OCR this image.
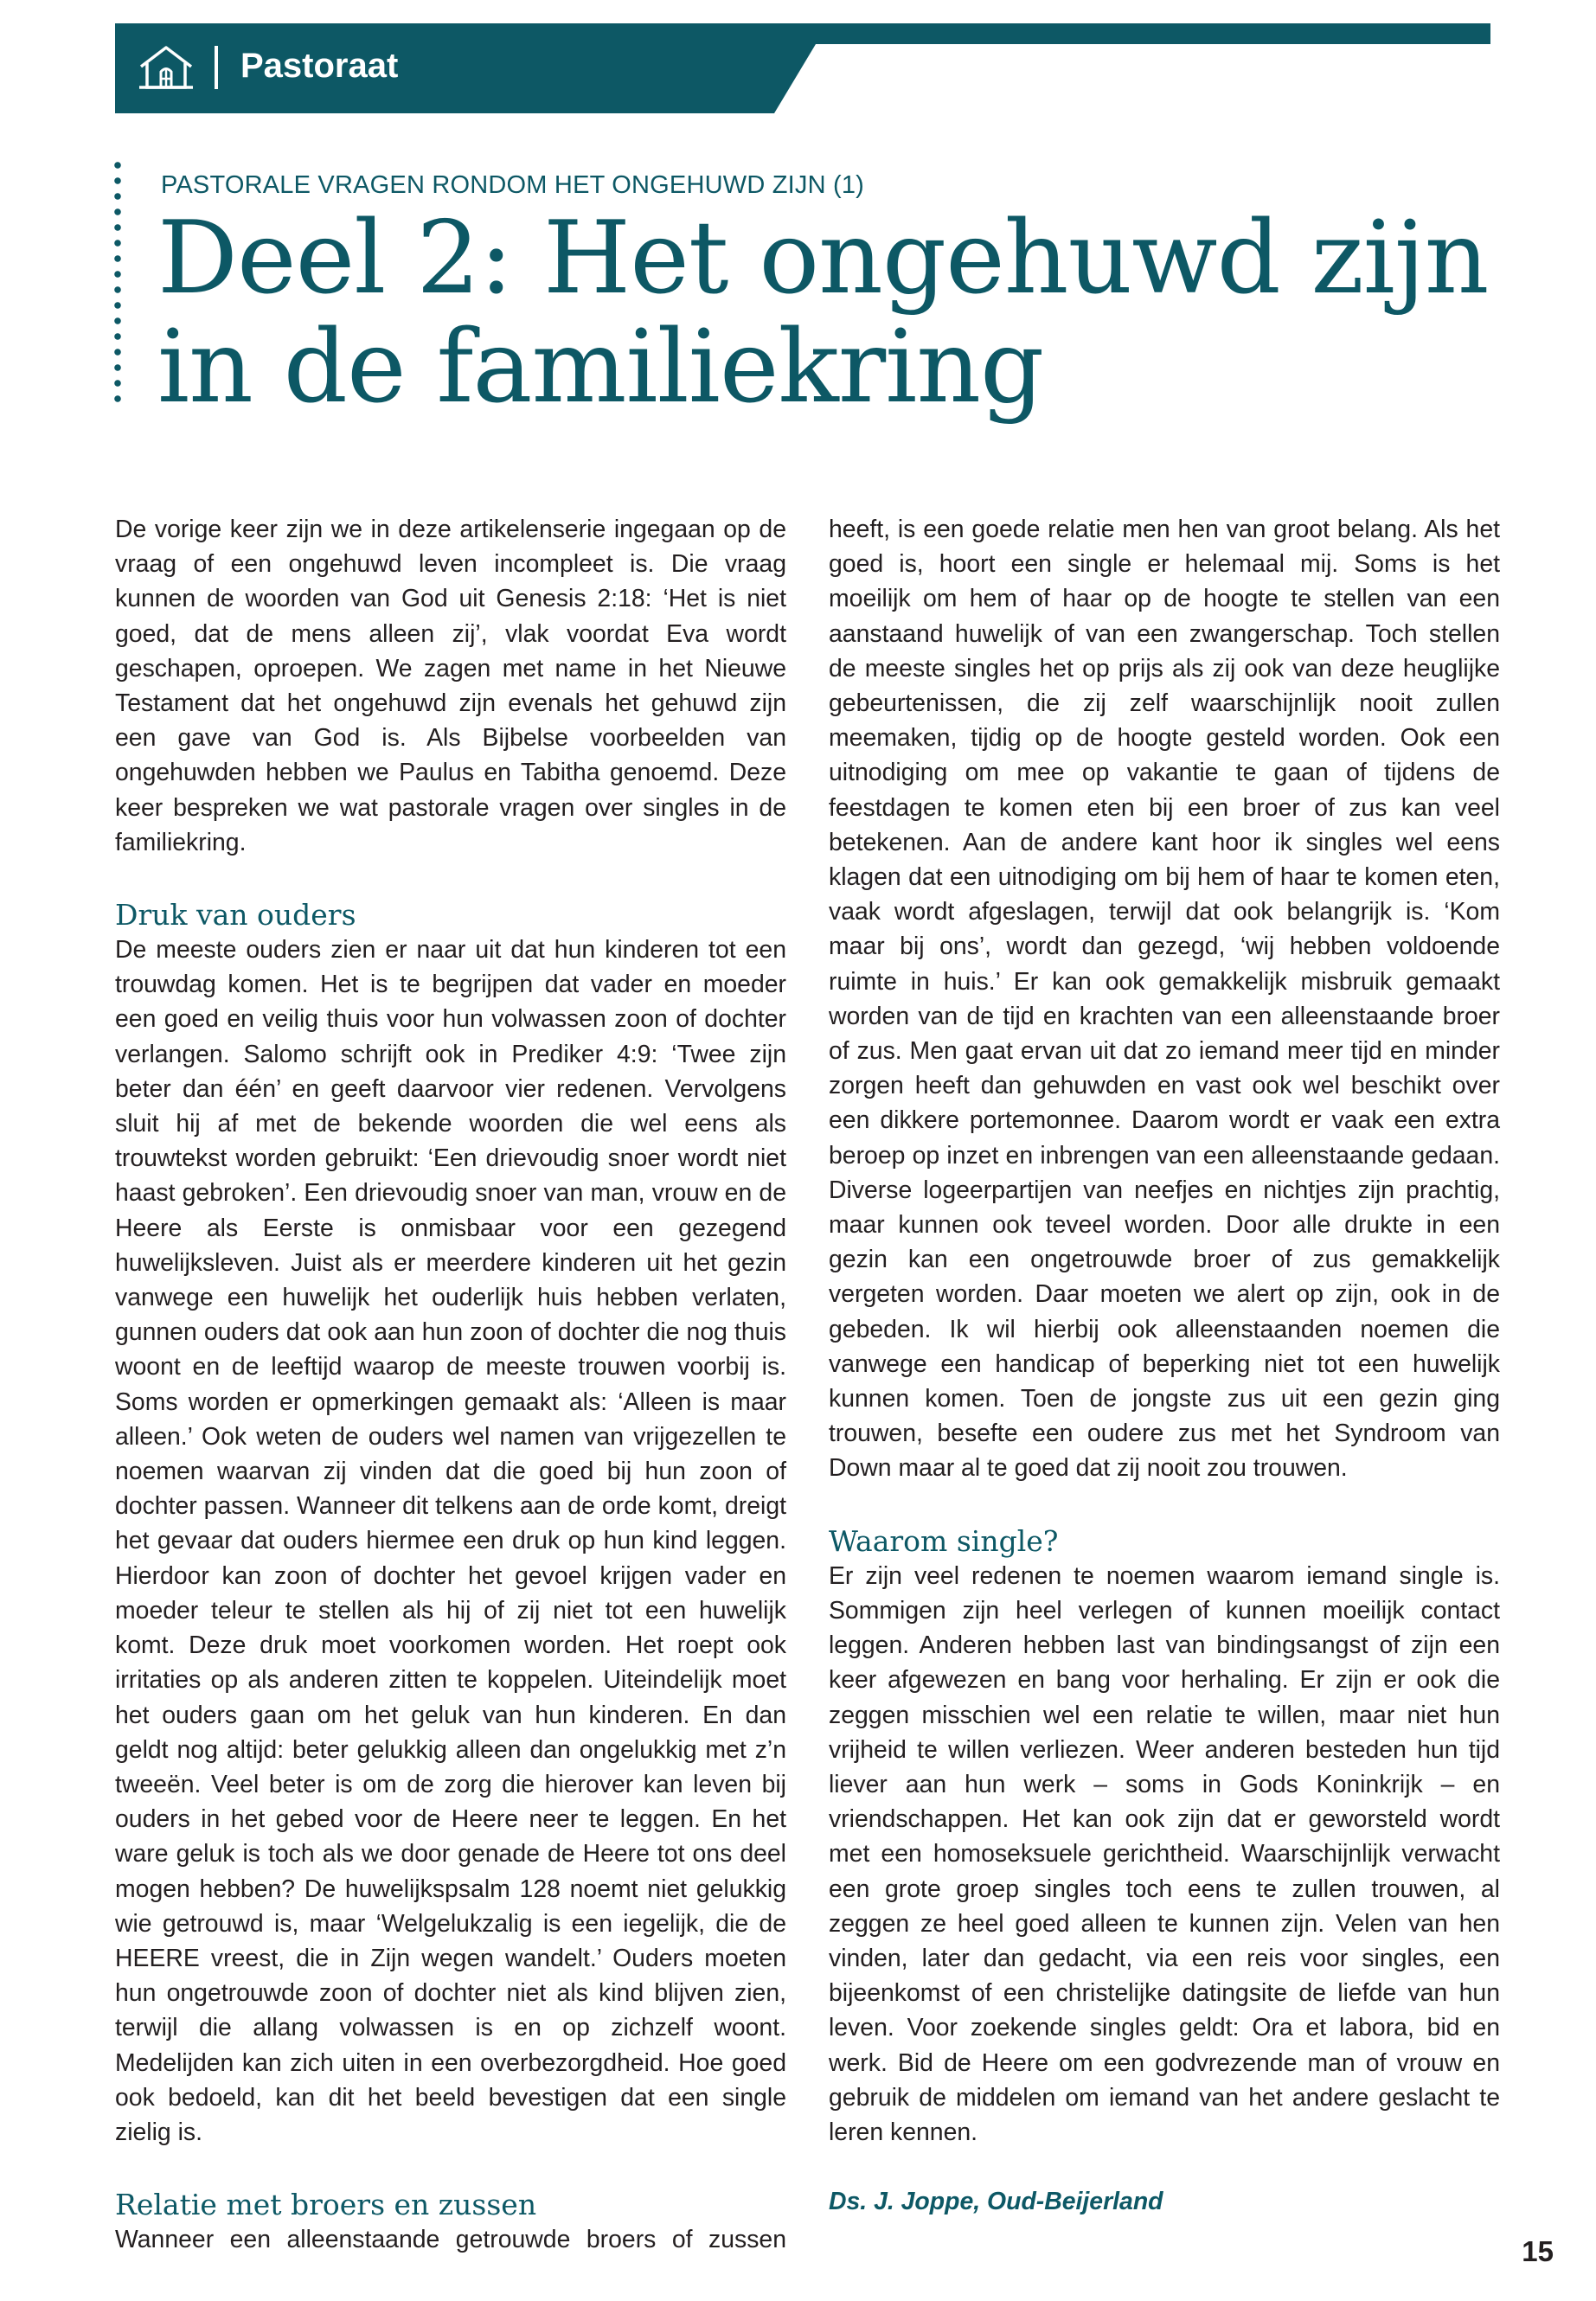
Pastoraat
PASTORALE VRAGEN RONDOM HET ONGEHUWD ZIJN (1)
Deel 2: Het ongehuwd zijn in de familiekring

De vorige keer zijn we in deze artikelenserie ingegaan op de vraag of een ongehuwd leven incompleet is. Die vraag kunnen de woorden van God uit Genesis 2:18: ‘Het is niet goed, dat de mens alleen zij’, vlak voordat Eva wordt geschapen, oproepen. We zagen met name in het Nieuwe Testament dat het ongehuwd zijn evenals het gehuwd zijn een gave van God is. Als Bijbelse voorbeelden van ongehuwden hebben we Paulus en Tabitha genoemd. Deze keer bespreken we wat pastorale vragen over singles in de familiekring.

Druk van ouders

De meeste ouders zien er naar uit dat hun kinderen tot een trouwdag komen. Het is te begrijpen dat vader en moeder een goed en veilig thuis voor hun volwassen zoon of dochter verlangen. Salomo schrijft ook in Prediker 4:9: ‘Twee zijn beter dan één’ en geeft daarvoor vier redenen. Vervolgens sluit hij af met de bekende woorden die wel eens als trouwtekst worden gebruikt: ‘Een drievoudig snoer wordt niet haast gebroken’. Een drievoudig snoer van man, vrouw en de Heere als Eerste is onmisbaar voor een gezegend huwelijksleven. Juist als er meerdere kinderen uit het gezin vanwege een huwelijk het ouderlijk huis hebben verlaten, gunnen ouders dat ook aan hun zoon of dochter die nog thuis woont en de leeftijd waarop de meeste trouwen voorbij is. Soms worden er opmerkingen gemaakt als: ‘Alleen is maar alleen.’ Ook weten de ouders wel namen van vrijgezellen te noemen waarvan zij vinden dat die goed bij hun zoon of dochter passen. Wanneer dit telkens aan de orde komt, dreigt het gevaar dat ouders hiermee een druk op hun kind leggen. Hierdoor kan zoon of dochter het gevoel krijgen vader en moeder teleur te stellen als hij of zij niet tot een huwelijk komt. Deze druk moet voorkomen worden. Het roept ook irritaties op als anderen zitten te koppelen. Uiteindelijk moet het ouders gaan om het geluk van hun kinderen. En dan geldt nog altijd: beter gelukkig alleen dan ongelukkig met z’n tweeën. Veel beter is om de zorg die hierover kan leven bij ouders in het gebed voor de Heere neer te leggen. En het ware geluk is toch als we door genade de Heere tot ons deel mogen hebben? De huwelijkspsalm 128 noemt niet gelukkig wie getrouwd is, maar ‘Welgelukzalig is een iegelijk, die de HEERE vreest, die in Zijn wegen wandelt.’ Ouders moeten hun ongetrouwde zoon of dochter niet als kind blijven zien, terwijl die allang volwassen is en op zichzelf woont. Medelijden kan zich uiten in een overbezorgdheid. Hoe goed ook bedoeld, kan dit het beeld bevestigen dat een single zielig is.

Relatie met broers en zussen

Wanneer een alleenstaande getrouwde broers of zussen

heeft, is een goede relatie men hen van groot belang. Als het goed is, hoort een single er helemaal mij. Soms is het moeilijk om hem of haar op de hoogte te stellen van een aanstaand huwelijk of van een zwangerschap. Toch stellen de meeste singles het op prijs als zij ook van deze heuglijke gebeurtenissen, die zij zelf waarschijnlijk nooit zullen meemaken, tijdig op de hoogte gesteld worden. Ook een uitnodiging om mee op vakantie te gaan of tijdens de feestdagen te komen eten bij een broer of zus kan veel betekenen. Aan de andere kant hoor ik singles wel eens klagen dat een uitnodiging om bij hem of haar te komen eten, vaak wordt afgeslagen, terwijl dat ook belangrijk is. ‘Kom maar bij ons’, wordt dan gezegd, ‘wij hebben voldoende ruimte in huis.’ Er kan ook gemakkelijk misbruik gemaakt worden van de tijd en krachten van een alleenstaande broer of zus. Men gaat ervan uit dat zo iemand meer tijd en minder zorgen heeft dan gehuwden en vast ook wel beschikt over een dikkere portemonnee. Daarom wordt er vaak een extra beroep op inzet en inbrengen van een alleenstaande gedaan. Diverse logeerpartijen van neefjes en nichtjes zijn prachtig, maar kunnen ook teveel worden. Door alle drukte in een gezin kan een ongetrouwde broer of zus gemakkelijk vergeten worden. Daar moeten we alert op zijn, ook in de gebeden. Ik wil hierbij ook alleenstaanden noemen die vanwege een handicap of beperking niet tot een huwelijk kunnen komen. Toen de jongste zus uit een gezin ging trouwen, besefte een oudere zus met het Syndroom van Down maar al te goed dat zij nooit zou trouwen.

Waarom single?

Er zijn veel redenen te noemen waarom iemand single is. Sommigen zijn heel verlegen of kunnen moeilijk contact leggen. Anderen hebben last van bindingsangst of zijn een keer afgewezen en bang voor herhaling. Er zijn er ook die zeggen misschien wel een relatie te willen, maar niet hun vrijheid te willen verliezen. Weer anderen besteden hun tijd liever aan hun werk – soms in Gods Koninkrijk – en vriendschappen. Het kan ook zijn dat er geworsteld wordt met een homoseksuele gerichtheid. Waarschijnlijk verwacht een grote groep singles toch eens te zullen trouwen, al zeggen ze heel goed alleen te kunnen zijn. Velen van hen vinden, later dan gedacht, via een reis voor singles, een bijeenkomst of een christelijke datingsite de liefde van hun leven. Voor zoekende singles geldt: Ora et labora, bid en werk. Bid de Heere om een godvrezende man of vrouw en gebruik de middelen om iemand van het andere geslacht te leren kennen.

Ds. J. Joppe, Oud-Beijerland

15
